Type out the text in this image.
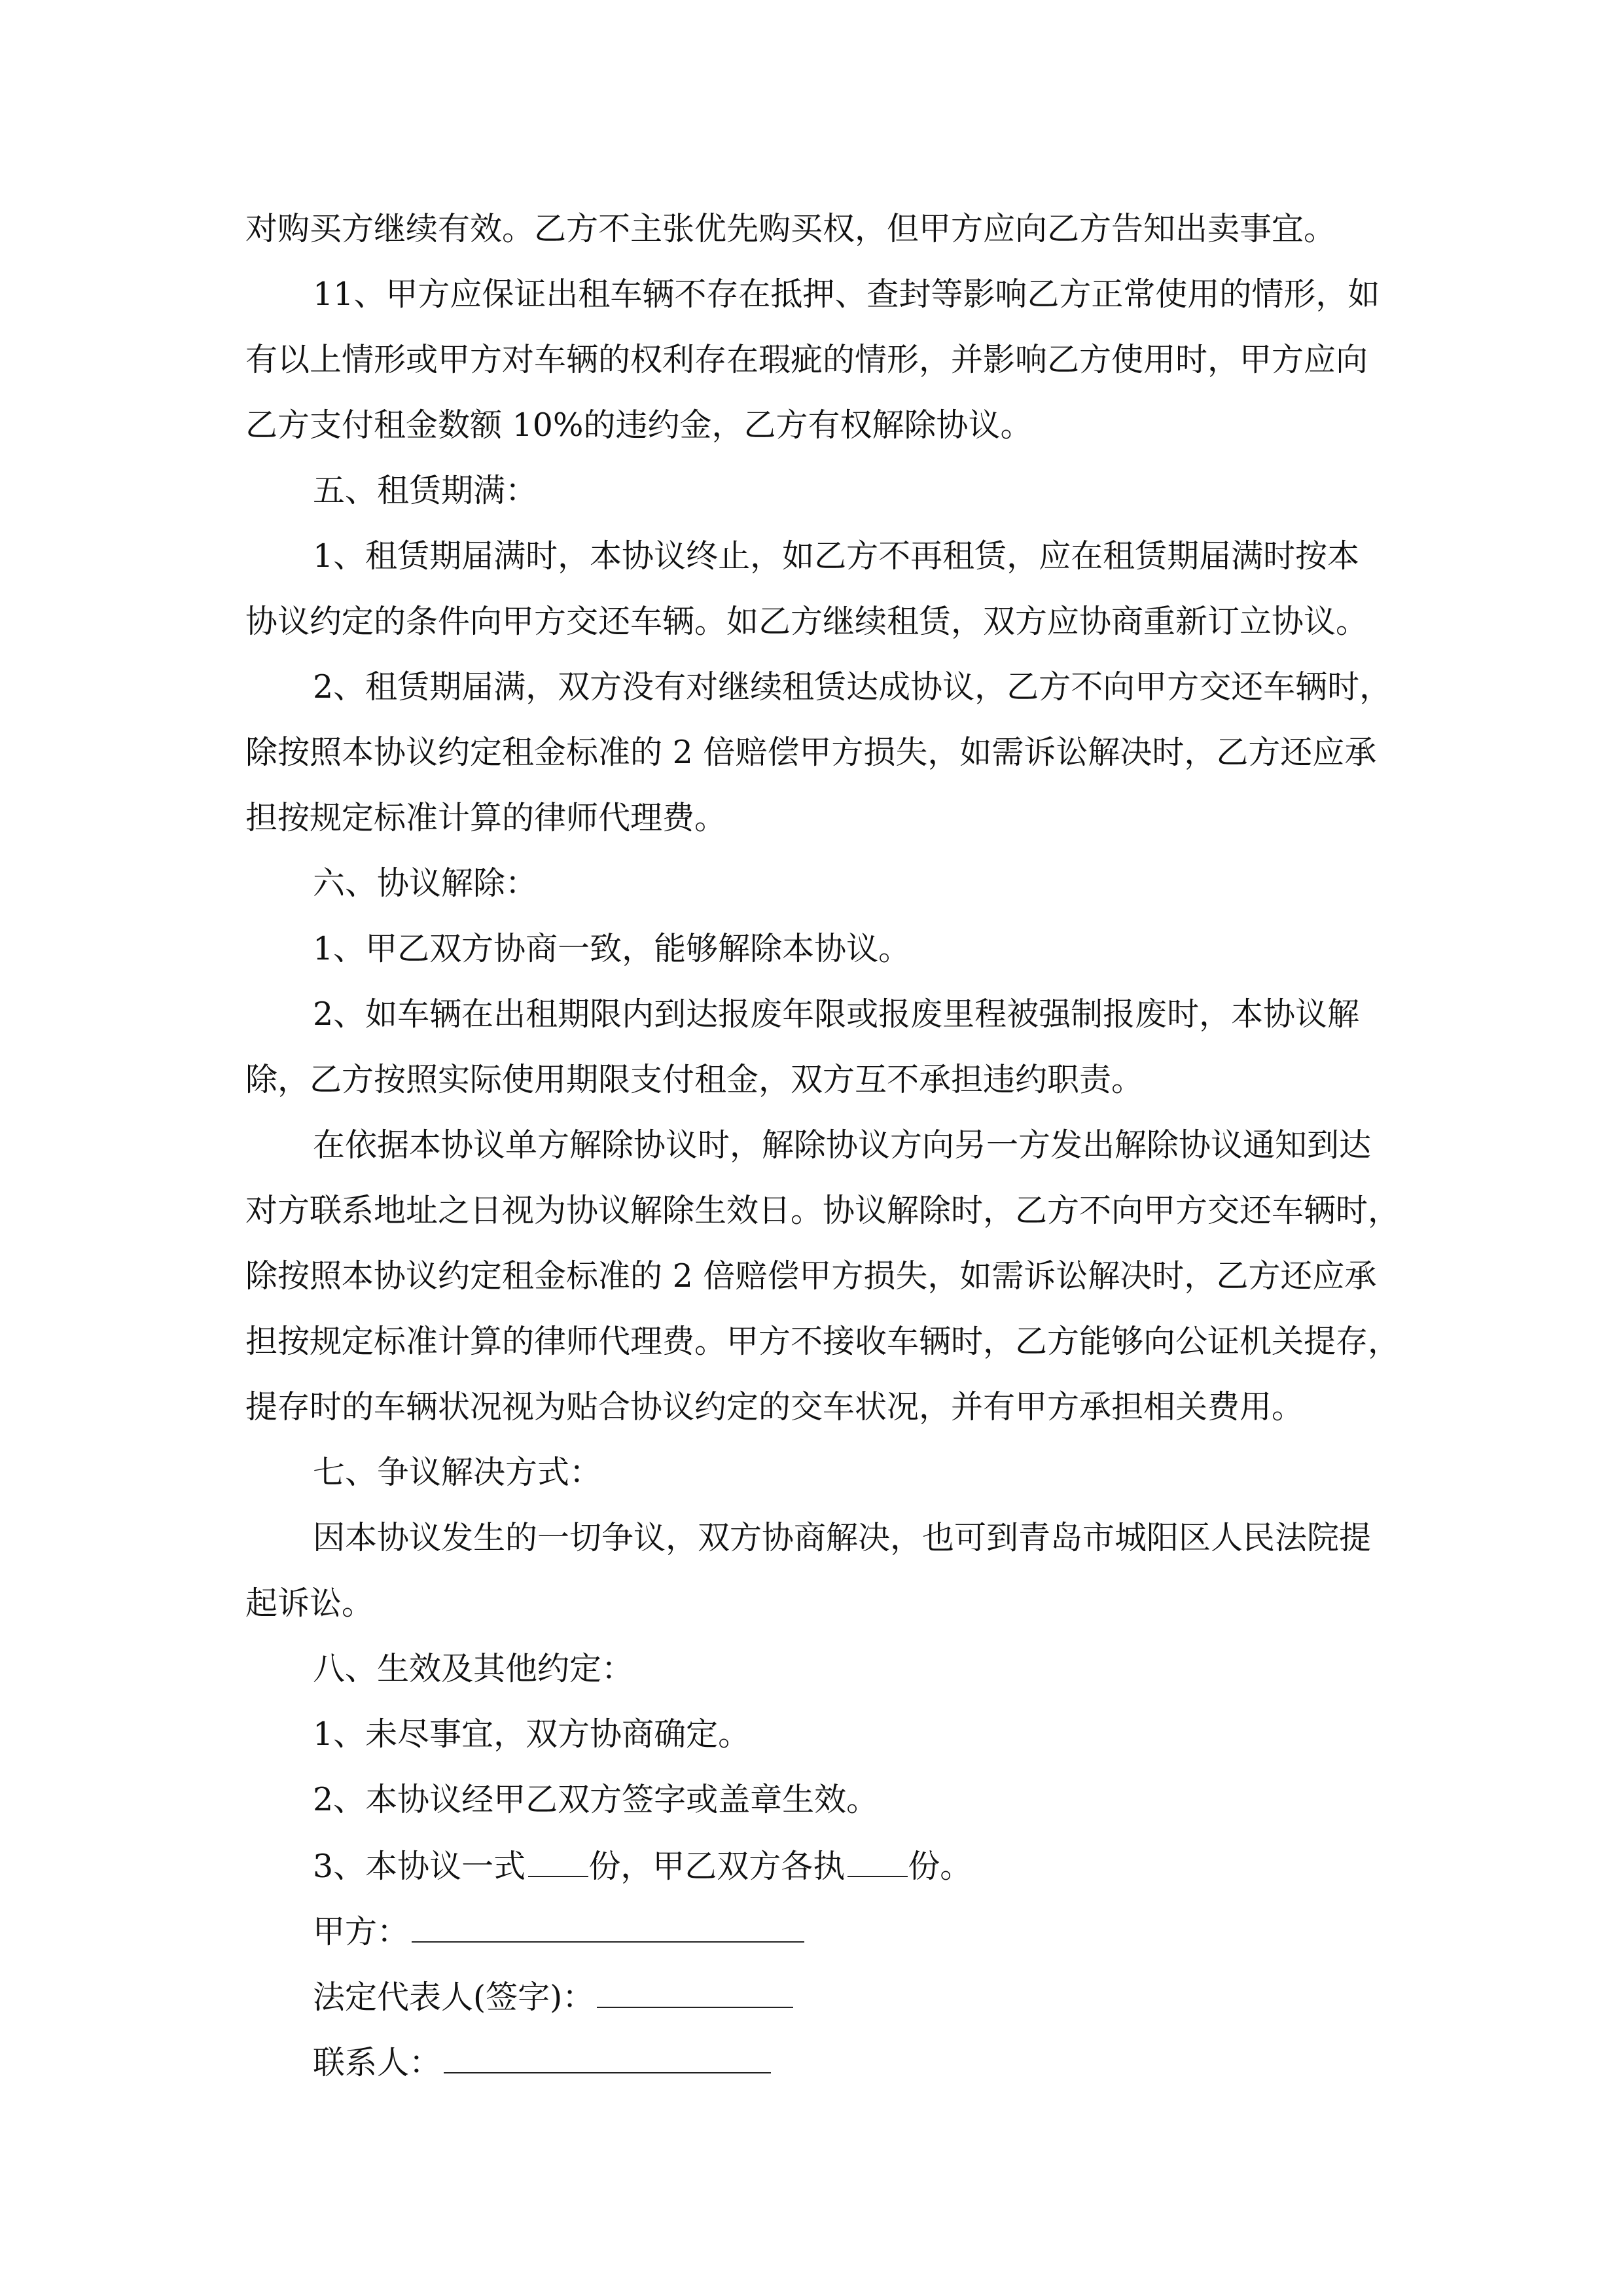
对购买方继续有效。乙方不主张优先购买权，但甲方应向乙方告知出卖事宜。
11、甲方应保证出租车辆不存在抵押、查封等影响乙方正常使用的情形，如
有以上情形或甲方对车辆的权利存在瑕疵的情形，并影响乙方使用时，甲方应向
乙方支付租金数额 10%的违约金，乙方有权解除协议。
五、租赁期满：
1、租赁期届满时，本协议终止，如乙方不再租赁，应在租赁期届满时按本
协议约定的条件向甲方交还车辆。如乙方继续租赁，双方应协商重新订立协议。
2、租赁期届满，双方没有对继续租赁达成协议，乙方不向甲方交还车辆时，
除按照本协议约定租金标准的 2 倍赔偿甲方损失，如需诉讼解决时，乙方还应承
担按规定标准计算的律师代理费。
六、协议解除：
1、甲乙双方协商一致，能够解除本协议。
2、如车辆在出租期限内到达报废年限或报废里程被强制报废时，本协议解
除，乙方按照实际使用期限支付租金，双方互不承担违约职责。
在依据本协议单方解除协议时，解除协议方向另一方发出解除协议通知到达
对方联系地址之日视为协议解除生效日。协议解除时，乙方不向甲方交还车辆时，
除按照本协议约定租金标准的 2 倍赔偿甲方损失，如需诉讼解决时，乙方还应承
担按规定标准计算的律师代理费。甲方不接收车辆时，乙方能够向公证机关提存，
提存时的车辆状况视为贴合协议约定的交车状况，并有甲方承担相关费用。
七、争议解决方式：
因本协议发生的一切争议，双方协商解决，也可到青岛市城阳区人民法院提
起诉讼。
八、生效及其他约定：
1、未尽事宜，双方协商确定。
2、本协议经甲乙双方签字或盖章生效。
3、本协议一式 份，甲乙双方各执 份。
甲方：
法定代表人(签字)：
联系人：
